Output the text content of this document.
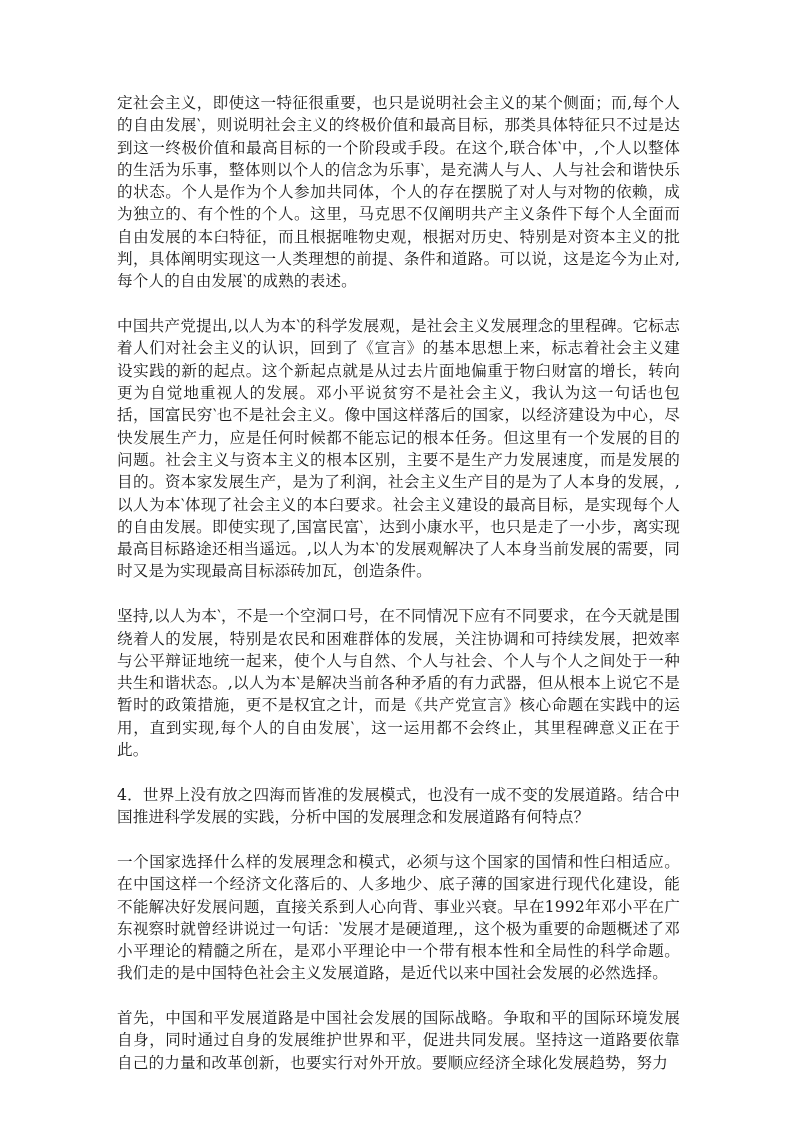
定社会主义，即使这一特征很重要，也只是说明社会主义的某个侧面；而,每个人的自由发展‵，则说明社会主义的终极价值和最高目标，那类具体特征只不过是达到这一终极价值和最高目标的一个阶段或手段。在这个,联合体‵中，,个人以整体的生活为乐事，整体则以个人的信念为乐事‵，是充满人与人、人与社会和谐快乐的状态。个人是作为个人参加共同体，个人的存在摆脱了对人与对物的依赖，成为独立的、有个性的个人。这里，马克思不仅阐明共产主义条件下每个人全面而自由发展的本臼特征，而且根据唯物史观，根据对历史、特别是对资本主义的批判，具体阐明实现这一人类理想的前提、条件和道路。可以说，这是迄今为止对,每个人的自由发展‵的成熟的表述。

中国共产党提出,以人为本‵的科学发展观，是社会主义发展理念的里程碑。它标志着人们对社会主义的认识，回到了《宣言》的基本思想上来，标志着社会主义建设实践的新的起点。这个新起点就是从过去片面地偏重于物臼财富的增长，转向更为自觉地重视人的发展。邓小平说贫穷不是社会主义，我认为这一句话也包括，国富民穷‵也不是社会主义。像中国这样落后的国家，以经济建设为中心，尽快发展生产力，应是任何时候都不能忘记的根本任务。但这里有一个发展的目的问题。社会主义与资本主义的根本区别，主要不是生产力发展速度，而是发展的目的。资本家发展生产，是为了利润，社会主义生产目的是为了人本身的发展，,以人为本‵体现了社会主义的本臼要求。社会主义建设的最高目标，是实现每个人的自由发展。即使实现了,国富民富‵，达到小康水平，也只是走了一小步，离实现最高目标路途还相当遥远。,以人为本‵的发展观解决了人本身当前发展的需要，同时又是为实现最高目标添砖加瓦，创造条件。

坚持,以人为本‵，不是一个空洞口号，在不同情况下应有不同要求，在今天就是围绕着人的发展，特别是农民和困难群体的发展，关注协调和可持续发展，把效率与公平辩证地统一起来，使个人与自然、个人与社会、个人与个人之间处于一种共生和谐状态。,以人为本‵是解决当前各种矛盾的有力武器，但从根本上说它不是暂时的政策措施，更不是权宜之计，而是《共产党宣言》核心命题在实践中的运用，直到实现,每个人的自由发展‵，这一运用都不会终止，其里程碑意义正在于此。

4．世界上没有放之四海而皆准的发展模式，也没有一成不变的发展道路。结合中国推进科学发展的实践，分析中国的发展理念和发展道路有何特点？

一个国家选择什么样的发展理念和模式，必须与这个国家的国情和性臼相适应。在中国这样一个经济文化落后的、人多地少、底子薄的国家进行现代化建设，能不能解决好发展问题，直接关系到人心向背、事业兴衰。早在1992年邓小平在广东视察时就曾经讲说过一句话：‵发展才是硬道理,，这个极为重要的命题概述了邓小平理论的精髓之所在，是邓小平理论中一个带有根本性和全局性的科学命题。我们走的是中国特色社会主义发展道路，是近代以来中国社会发展的必然选择。

首先，中国和平发展道路是中国社会发展的国际战略。争取和平的国际环境发展自身，同时通过自身的发展维护世界和平，促进共同发展。坚持这一道路要依靠自己的力量和改革创新，也要实行对外开放。要顺应经济全球化发展趋势，努力
